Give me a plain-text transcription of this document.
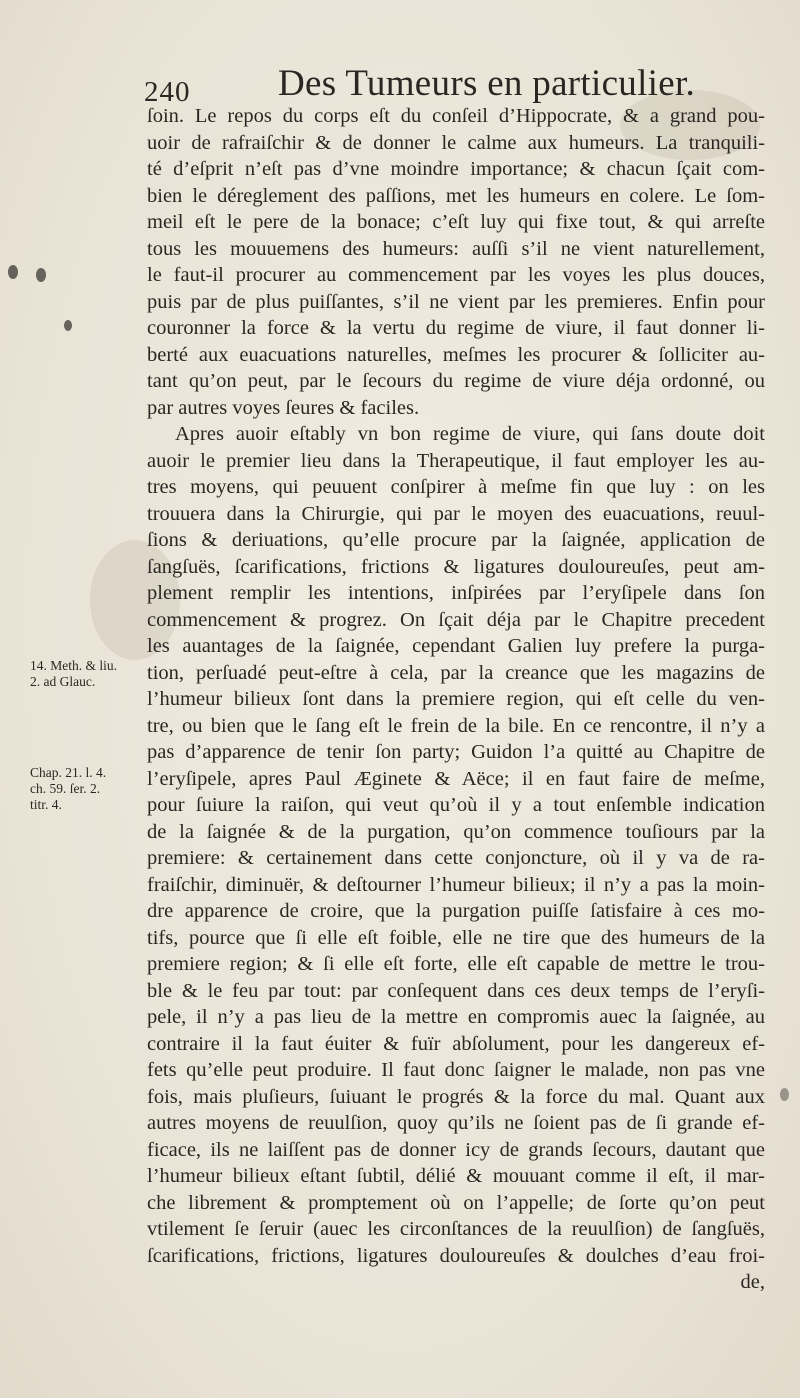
240 Des Tumeurs en particulier.
14. Meth. & liu.
2. ad Glauc.
Chap. 21. l. 4.
ch. 59. ſer. 2.
titr. 4.
ſoin. Le repos du corps eſt du conſeil d’Hippocrate, & a grand pou-
uoir de rafraiſchir & de donner le calme aux humeurs. La tranquili-
té d’eſprit n’eſt pas d’vne moindre importance; & chacun ſçait com-
bien le déreglement des paſſions, met les humeurs en colere. Le ſom-
meil eſt le pere de la bonace; c’eſt luy qui fixe tout, & qui arreſte
tous les mouuemens des humeurs: auſſi s’il ne vient naturellement,
le faut-il procurer au commencement par les voyes les plus douces,
puis par de plus puiſſantes, s’il ne vient par les premieres. Enfin pour
couronner la force & la vertu du regime de viure, il faut donner li-
berté aux euacuations naturelles, meſmes les procurer & ſolliciter au-
tant qu’on peut, par le ſecours du regime de viure déja ordonné, ou
par autres voyes ſeures & faciles.
Apres auoir eſtably vn bon regime de viure, qui ſans doute doit
auoir le premier lieu dans la Therapeutique, il faut employer les au-
tres moyens, qui peuuent conſpirer à meſme fin que luy : on les
trouuera dans la Chirurgie, qui par le moyen des euacuations, reuul-
ſions & deriuations, qu’elle procure par la ſaignée, application de
ſangſuës, ſcarifications, frictions & ligatures douloureuſes, peut am-
plement remplir les intentions, inſpirées par l’eryſipele dans ſon
commencement & progrez. On ſçait déja par le Chapitre precedent
les auantages de la ſaignée, cependant Galien luy prefere la purga-
tion, perſuadé peut-eſtre à cela, par la creance que les magazins de
l’humeur bilieux ſont dans la premiere region, qui eſt celle du ven-
tre, ou bien que le ſang eſt le frein de la bile. En ce rencontre, il n’y a
pas d’apparence de tenir ſon party; Guidon l’a quitté au Chapitre de
l’eryſipele, apres Paul Æginete & Aëce; il en faut faire de meſme,
pour ſuiure la raiſon, qui veut qu’où il y a tout enſemble indication
de la ſaignée & de la purgation, qu’on commence touſiours par la
premiere: & certainement dans cette conjoncture, où il y va de ra-
fraiſchir, diminuër, & deſtourner l’humeur bilieux; il n’y a pas la moin-
dre apparence de croire, que la purgation puiſſe ſatisfaire à ces mo-
tifs, pource que ſi elle eſt foible, elle ne tire que des humeurs de la
premiere region; & ſi elle eſt forte, elle eſt capable de mettre le trou-
ble & le feu par tout: par conſequent dans ces deux temps de l’eryſi-
pele, il n’y a pas lieu de la mettre en compromis auec la ſaignée, au
contraire il la faut éuiter & fuïr abſolument, pour les dangereux ef-
fets qu’elle peut produire. Il faut donc ſaigner le malade, non pas vne
fois, mais pluſieurs, ſuiuant le progrés & la force du mal. Quant aux
autres moyens de reuulſion, quoy qu’ils ne ſoient pas de ſi grande ef-
ficace, ils ne laiſſent pas de donner icy de grands ſecours, dautant que
l’humeur bilieux eſtant ſubtil, délié & mouuant comme il eſt, il mar-
che librement & promptement où on l’appelle; de ſorte qu’on peut
vtilement ſe ſeruir (auec les circonſtances de la reuulſion) de ſangſuës,
ſcarifications, frictions, ligatures douloureuſes & doulches d’eau froi-
de,
